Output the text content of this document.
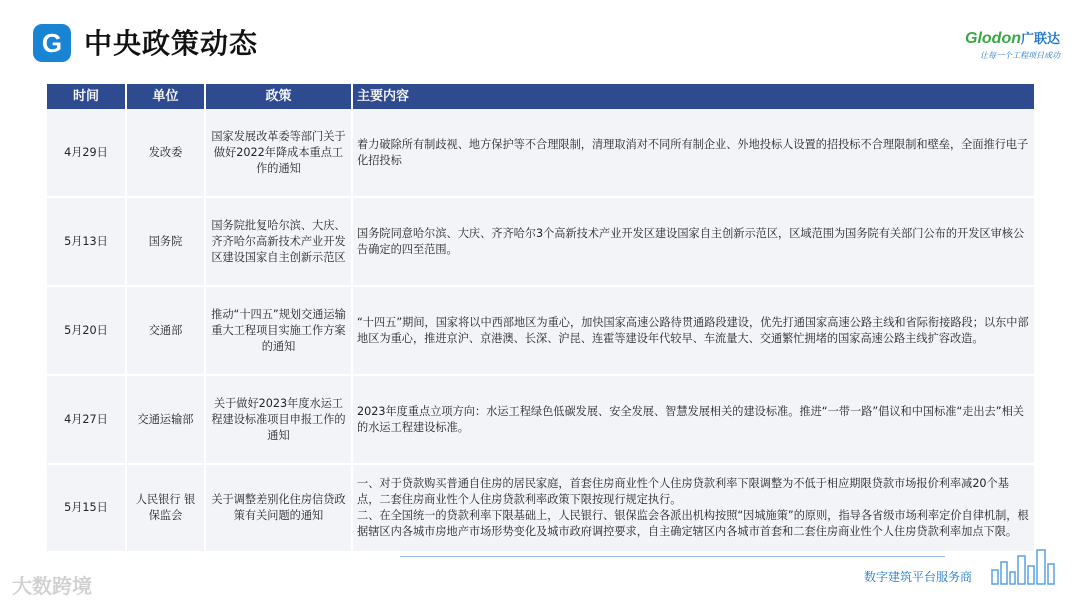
G 中央政策动态	Glodon广联达
让每一个工程项目成功
时间	单位	政策	主要内容
4月29日	发改委	国家发展改革委等部门关于做好2022年降成本重点工作的通知	着力破除所有制歧视、地方保护等不合理限制，清理取消对不同所有制企业、外地投标人设置的招投标不合理限制和壁垒，全面推行电子化招投标
5月13日	国务院	国务院批复哈尔滨、大庆、齐齐哈尔高新技术产业开发区建设国家自主创新示范区	国务院同意哈尔滨、大庆、齐齐哈尔3个高新技术产业开发区建设国家自主创新示范区，区域范围为国务院有关部门公布的开发区审核公告确定的四至范围。
5月20日	交通部	推动“十四五”规划交通运输重大工程项目实施工作方案的通知	“十四五”期间，国家将以中西部地区为重心，加快国家高速公路待贯通路段建设，优先打通国家高速公路主线和省际衔接路段；以东中部地区为重心，推进京沪、京港澳、长深、沪昆、连霍等建设年代较早、车流量大、交通繁忙拥堵的国家高速公路主线扩容改造。
4月27日	交通运输部	关于做好2023年度水运工程建设标准项目申报工作的通知	2023年度重点立项方向：水运工程绿色低碳发展、安全发展、智慧发展相关的建设标准。推进“一带一路”倡议和中国标准“走出去”相关的水运工程建设标准。
5月15日	人民银行 银保监会	关于调整差别化住房信贷政策有关问题的通知	一、对于贷款购买普通自住房的居民家庭，首套住房商业性个人住房贷款利率下限调整为不低于相应期限贷款市场报价利率减20个基点，二套住房商业性个人住房贷款利率政策下限按现行规定执行。
二、在全国统一的贷款利率下限基础上，人民银行、银保监会各派出机构按照“因城施策”的原则，指导各省级市场利率定价自律机制，根据辖区内各城市房地产市场形势变化及城市政府调控要求，自主确定辖区内各城市首套和二套住房商业性个人住房贷款利率加点下限。
数字建筑平台服务商
大数跨境
